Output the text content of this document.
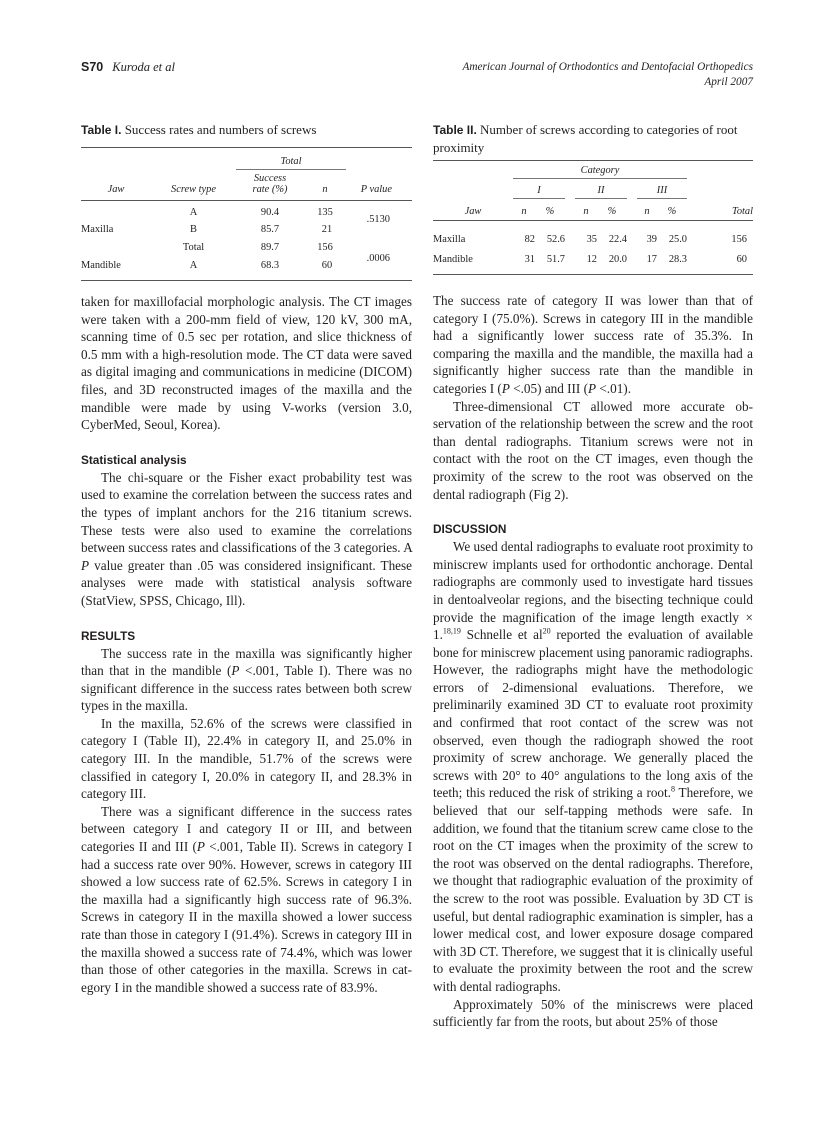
S70 Kuroda et al	American Journal of Orthodontics and Dentofacial Orthopedics
April 2007

Table I. Success rates and numbers of screws

		Total		
		Success		
Jaw	Screw type	rate (%)	n	P value
	A	90.4	135	.5130
Maxilla	B	85.7	21	
	Total	89.7	156	.0006
Mandible	A	68.3	60	

taken for maxillofacial morphologic analysis. The CT images were taken with a 200-mm field of view, 120 kV, 300 mA, scanning time of 0.5 sec per rotation, and slice thickness of 0.5 mm with a high-resolution mode. The CT data were saved as digital imaging and communications in medicine (DICOM) files, and 3D reconstructed images of the maxilla and the mandible were made by using V-works (version 3.0, CyberMed, Seoul, Korea).

Statistical analysis

The chi-square or the Fisher exact probability test was used to examine the correlation between the success rates and the types of implant anchors for the 216 titanium screws. These tests were also used to examine the correlations between success rates and classifications of the 3 categories. A P value greater than .05 was considered insignificant. These analyses were made with statistical analysis software (StatView, SPSS, Chicago, Ill).

RESULTS

The success rate in the maxilla was significantly higher than that in the mandible (P <.001, Table I). There was no significant difference in the success rates between both screw types in the maxilla.

In the maxilla, 52.6% of the screws were classified in category I (Table II), 22.4% in category II, and 25.0% in category III. In the mandible, 51.7% of the screws were classified in category I, 20.0% in category II, and 28.3% in category III.

There was a significant difference in the success rates between category I and category II or III, and between categories II and III (P <.001, Table II). Screws in category I had a success rate over 90%. However, screws in category III showed a low success rate of 62.5%. Screws in category I in the maxilla had a significantly high success rate of 96.3%. Screws in category II in the maxilla showed a lower success rate than those in category I (91.4%). Screws in category III in the maxilla showed a success rate of 74.4%, which was lower than those of other categories in the maxilla. Screws in category I in the mandible showed a success rate of 83.9%.

Table II. Number of screws according to categories of root proximity

	Category								
	I			II			III		
Jaw	n	%		n	%		n	%	Total
Maxilla	82	52.6		35	22.4		39	25.0	156
Mandible	31	51.7		12	20.0		17	28.3	60

The success rate of category II was lower than that of category I (75.0%). Screws in category III in the mandible had a significantly lower success rate of 35.3%. In comparing the maxilla and the mandible, the maxilla had a significantly higher success rate than the mandible in categories I (P <.05) and III (P <.01).

Three-dimensional CT allowed more accurate observation of the relationship between the screw and the root than dental radiographs. Titanium screws were not in contact with the root on the CT images, even though the proximity of the screw to the root was observed on the dental radiograph (Fig 2).

DISCUSSION

We used dental radiographs to evaluate root proximity to miniscrew implants used for orthodontic anchorage. Dental radiographs are commonly used to investigate hard tissues in dentoalveolar regions, and the bisecting technique could provide the magnification of the image length exactly × 1.$^{18,19}$ Schnelle et $al^{20}$ reported the evaluation of available bone for miniscrew placement using panoramic radiographs. However, the radiographs might have the methodologic errors of 2-dimensional evaluations. Therefore, we preliminarily examined 3D CT to evaluate root proximity and confirmed that root contact of the screw was not observed, even though the radiograph showed the root proximity of screw anchorage. We generally placed the screws with 20° to 40° angulations to the long axis of the teeth; this reduced the risk of striking a root.$^8$ Therefore, we believed that our self-tapping methods were safe. In addition, we found that the titanium screw came close to the root on the CT images when the proximity of the screw to the root was observed on the dental radiographs. Therefore, we thought that radiographic evaluation of the proximity of the screw to the root was possible. Evaluation by 3D CT is useful, but dental radiographic examination is simpler, has a lower medical cost, and lower exposure dosage compared with 3D CT. Therefore, we suggest that it is clinically useful to evaluate the proximity between the root and the screw with dental radiographs.

Approximately 50% of the miniscrews were placed sufficiently far from the roots, but about 25% of those
